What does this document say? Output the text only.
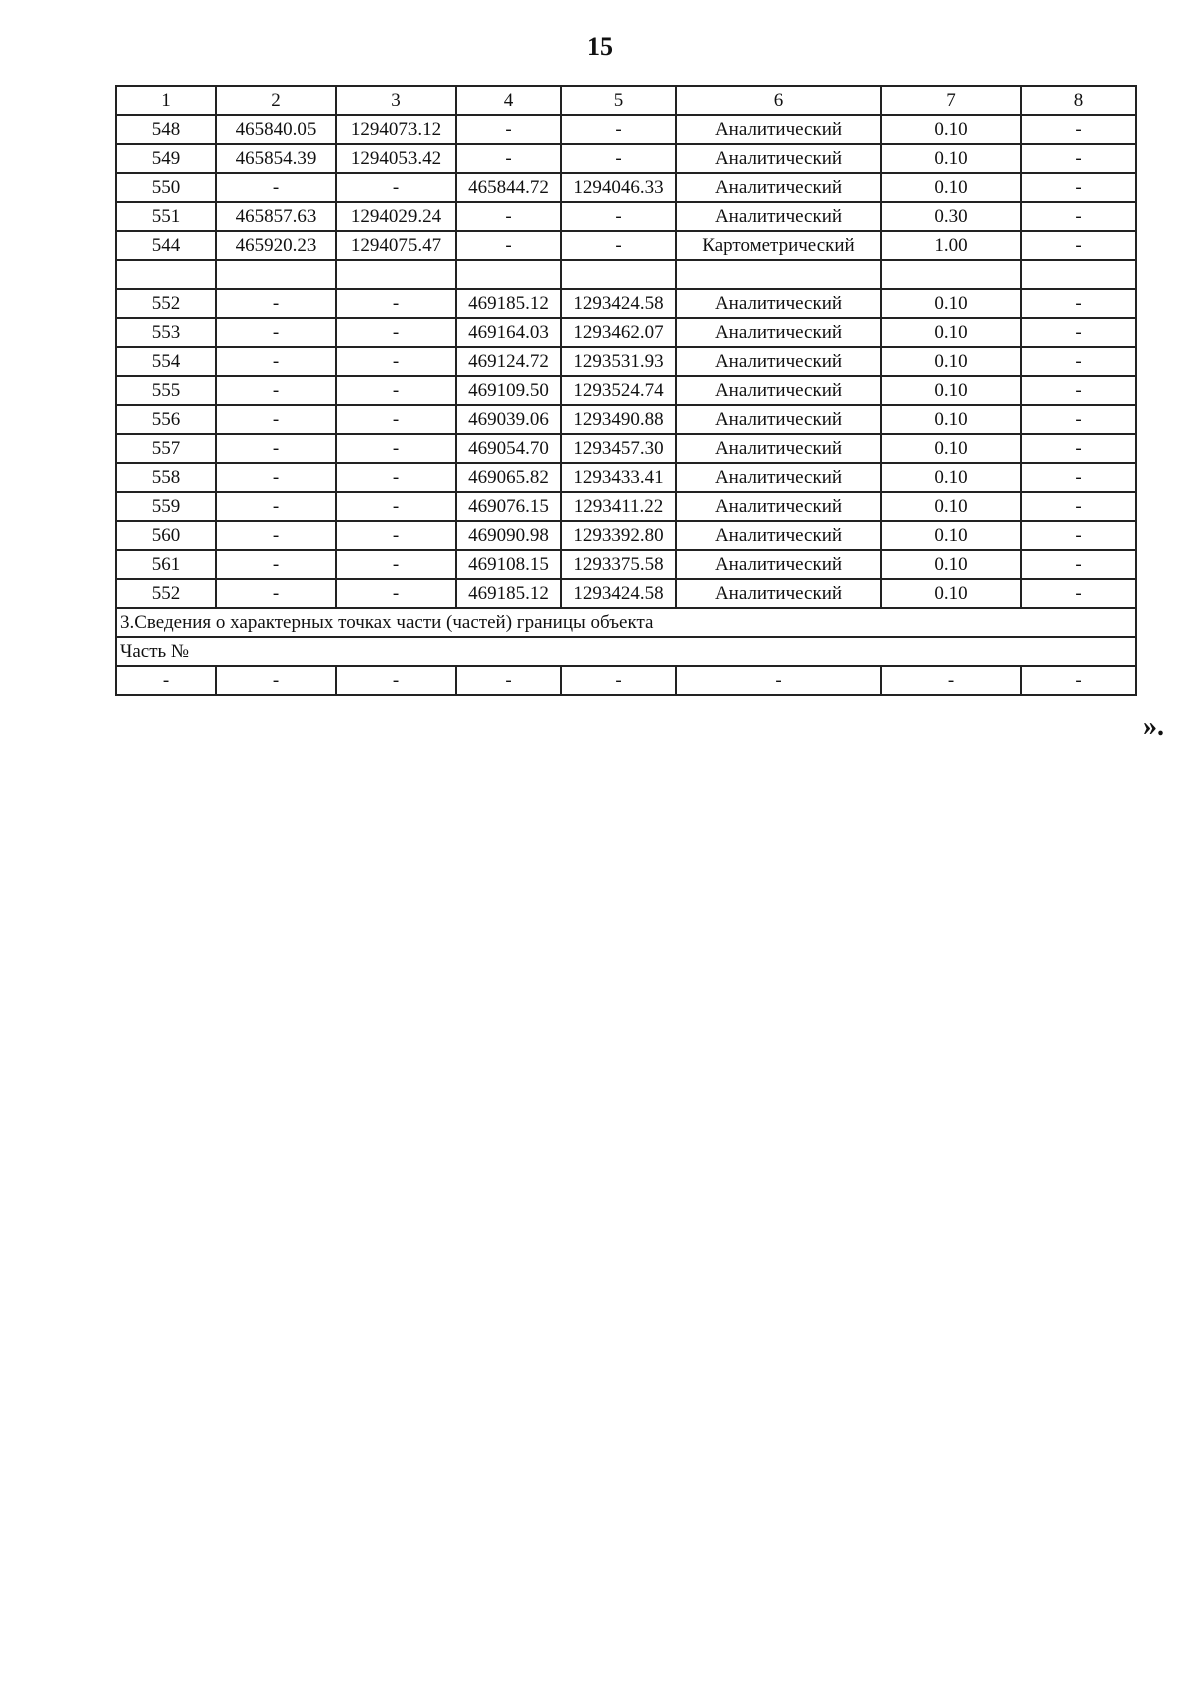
15
1	2	3	4	5	6	7	8
548	465840.05	1294073.12	-	-	Аналитический	0.10	-
549	465854.39	1294053.42	-	-	Аналитический	0.10	-
550	-	-	465844.72	1294046.33	Аналитический	0.10	-
551	465857.63	1294029.24	-	-	Аналитический	0.30	-
544	465920.23	1294075.47	-	-	Картометрический	1.00	-

552	-	-	469185.12	1293424.58	Аналитический	0.10	-
553	-	-	469164.03	1293462.07	Аналитический	0.10	-
554	-	-	469124.72	1293531.93	Аналитический	0.10	-
555	-	-	469109.50	1293524.74	Аналитический	0.10	-
556	-	-	469039.06	1293490.88	Аналитический	0.10	-
557	-	-	469054.70	1293457.30	Аналитический	0.10	-
558	-	-	469065.82	1293433.41	Аналитический	0.10	-
559	-	-	469076.15	1293411.22	Аналитический	0.10	-
560	-	-	469090.98	1293392.80	Аналитический	0.10	-
561	-	-	469108.15	1293375.58	Аналитический	0.10	-
552	-	-	469185.12	1293424.58	Аналитический	0.10	-
3.Сведения о характерных точках части (частей) границы объекта							
Часть №							
-	-	-	-	-	-	-	-
».
